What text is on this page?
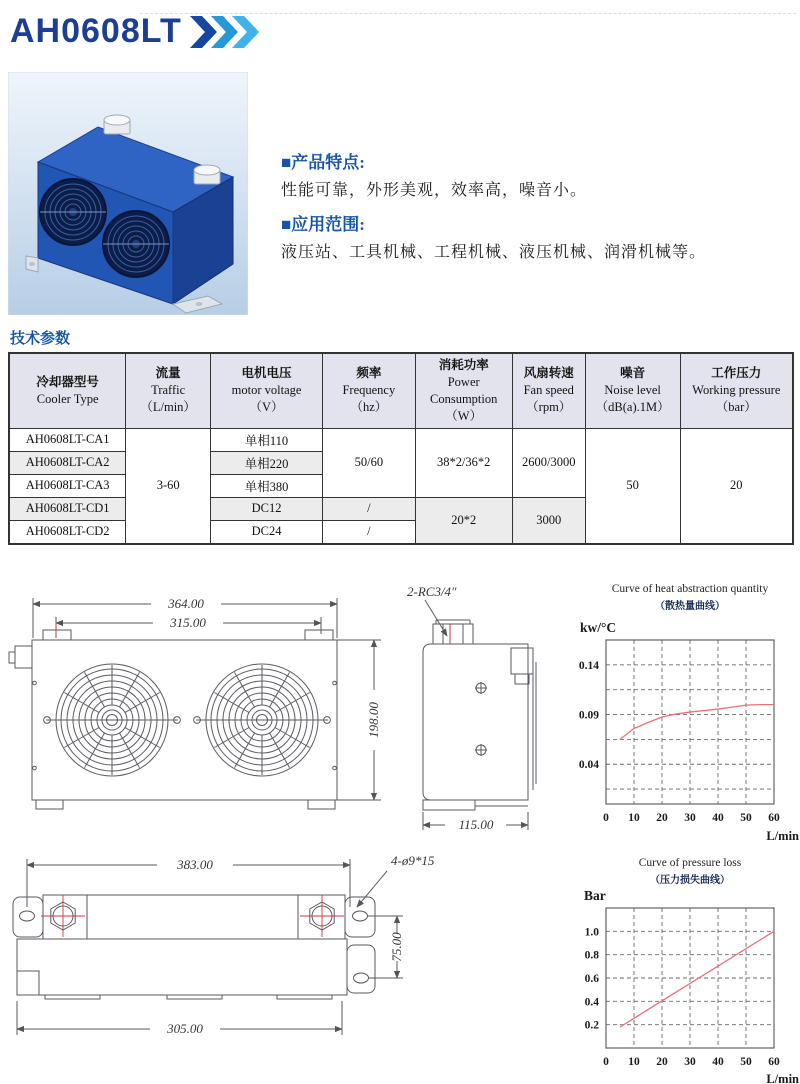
AH0608LT

■产品特点:

性能可靠，外形美观，效率高，噪音小。

■应用范围:

液压站、工具机械、工程机械、液压机械、润滑机械等。

技术参数
冷却器型号
Cooler Type

流量
Traffic
（L/min）

电机电压
motor voltage
（V）

频率
Frequency
（hz）

消耗功率
Power Consumption
（W）

风扇转速
Fan speed
（rpm）

噪音
Noise level
（dB(a).1M）

工作压力
Working pressure
（bar）

AH0608LT-CA1	3-60	单相110	50/60	38*2/36*2	2600/3000	50	20
AH0608LT-CA2		单相220					
AH0608LT-CA3		单相380					
AH0608LT-CD1		DC12	/	20*2	3000		
AH0608LT-CD2		DC24	/				
364.00
315.00
198.00
2-RC3/4"
115.00
383.00	4-ø9*15
75.00
305.00
Curve of heat abstraction quantity
（散热量曲线）
kw/°C
0.04
0.09
0.14
0 10 20 30 40 50 60
L/min
Curve of pressure loss
（压力损失曲线）
Bar
0.2
0.4
0.6
0.8
1.0
0 10 20 30 40 50 60
L/min
